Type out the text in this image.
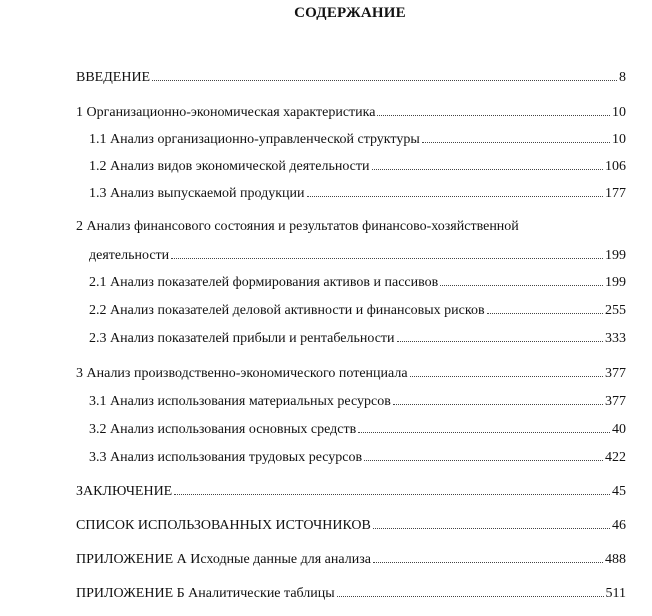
СОДЕРЖАНИЕ
ВВЕДЕНИЕ	8
1 Организационно-экономическая характеристика	10
1.1 Анализ организационно-управленческой структуры	10
1.2 Анализ видов экономической деятельности	106
1.3 Анализ выпускаемой продукции	177
2 Анализ финансового состояния и результатов финансово-хозяйственной
деятельности	199
2.1 Анализ показателей формирования активов и пассивов	199
2.2 Анализ показателей деловой активности и финансовых рисков	255
2.3 Анализ показателей прибыли и рентабельности	333
3 Анализ производственно-экономического потенциала	377
3.1 Анализ использования материальных ресурсов	377
3.2 Анализ использования основных средств	40
3.3 Анализ использования трудовых ресурсов	422
ЗАКЛЮЧЕНИЕ	45
СПИСОК ИСПОЛЬЗОВАННЫХ ИСТОЧНИКОВ	46
ПРИЛОЖЕНИЕ А Исходные данные для анализа	488
ПРИЛОЖЕНИЕ Б Аналитические таблицы	511
